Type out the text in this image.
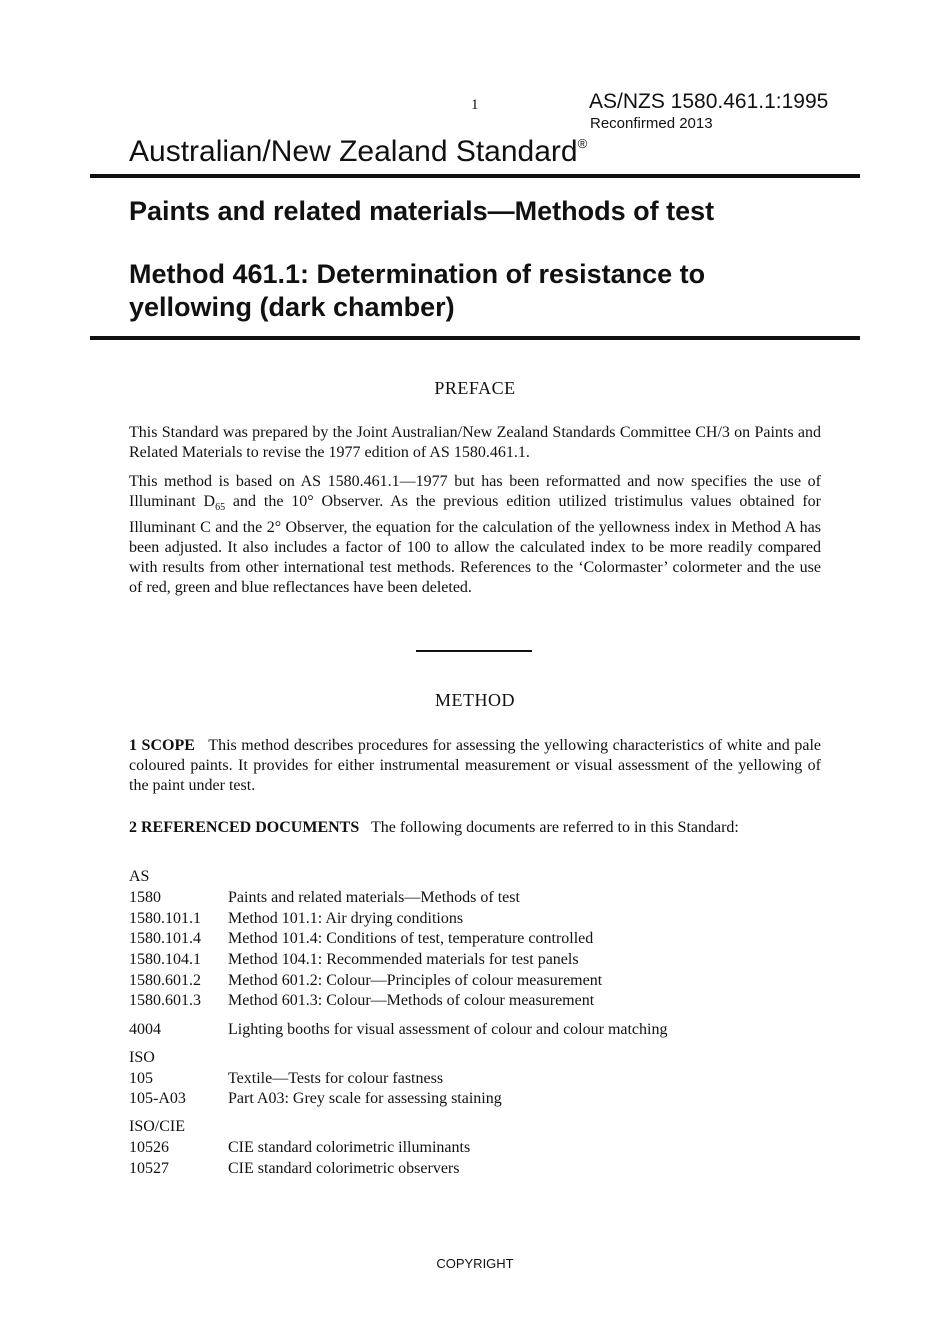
1	AS/NZS 1580.461.1:1995
Reconfirmed 2013
Australian/New Zealand Standard®
Paints and related materials—Methods of test
Method 461.1: Determination of resistance to yellowing (dark chamber)
PREFACE
This Standard was prepared by the Joint Australian/New Zealand Standards Committee CH/3 on Paints and Related Materials to revise the 1977 edition of AS 1580.461.1.
This method is based on AS 1580.461.1—1977 but has been reformatted and now specifies the use of Illuminant $D_{65}$ and the 10° Observer. As the previous edition utilized tristimulus values obtained for Illuminant C and the 2° Observer, the equation for the calculation of the yellowness index in Method A has been adjusted. It also includes a factor of 100 to allow the calculated index to be more readily compared with results from other international test methods. References to the ‘Colormaster’ colormeter and the use of red, green and blue reflectances have been deleted.
METHOD
1 SCOPE This method describes procedures for assessing the yellowing characteristics of white and pale coloured paints. It provides for either instrumental measurement or visual assessment of the yellowing of the paint under test.
2 REFERENCED DOCUMENTS The following documents are referred to in this Standard:
AS
1580	Paints and related materials—Methods of test
1580.101.1 Method 101.1: Air drying conditions
1580.101.4 Method 101.4: Conditions of test, temperature controlled
1580.104.1 Method 104.1: Recommended materials for test panels
1580.601.2 Method 601.2: Colour—Principles of colour measurement
1580.601.3 Method 601.3: Colour—Methods of colour measurement
4004	Lighting booths for visual assessment of colour and colour matching
ISO
105	Textile—Tests for colour fastness
105-A03	Part A03: Grey scale for assessing staining
ISO/CIE
10526	CIE standard colorimetric illuminants
10527	CIE standard colorimetric observers
COPYRIGHT
